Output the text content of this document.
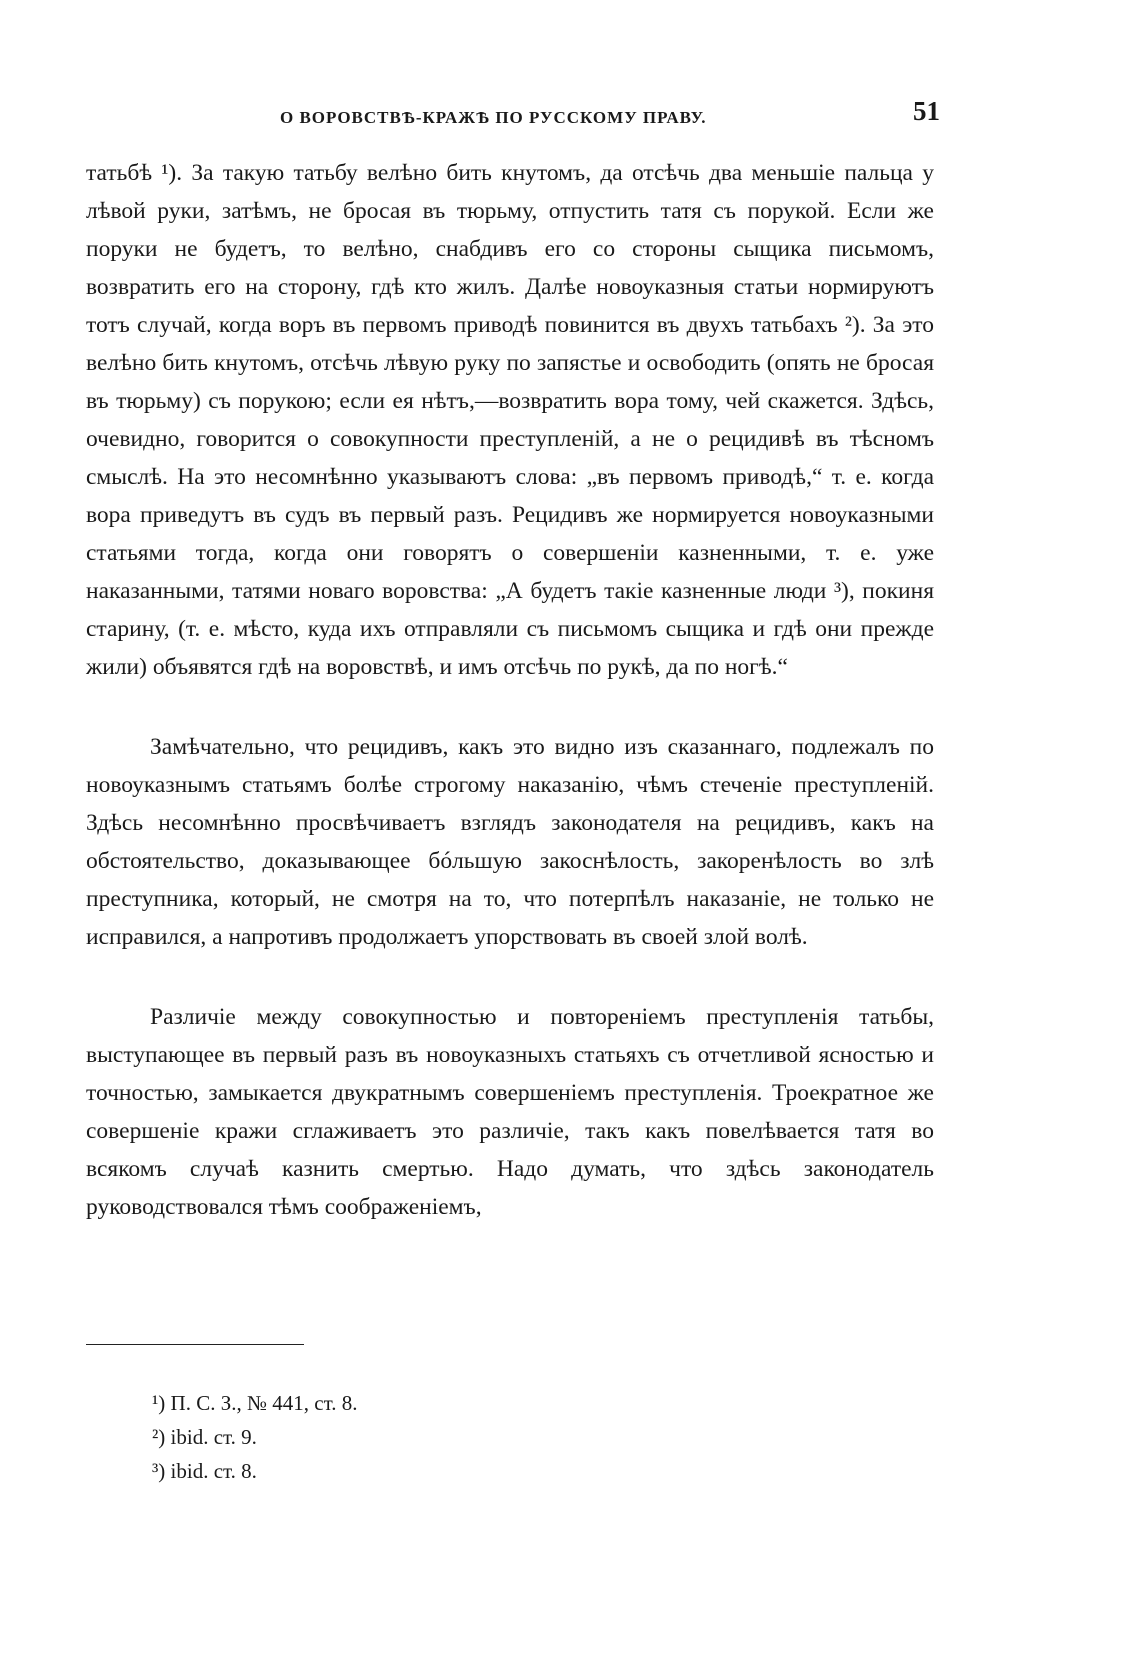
О ВОРОВСТВѢ-КРАЖѢ ПО РУССКОМУ ПРАВУ.	51

татьбѣ ¹). За такую татьбу велѣно бить кнутомъ, да отсѣчь два меньшіе пальца у лѣвой руки, затѣмъ, не бросая въ тюрьму, отпустить татя съ порукой. Если же поруки не будетъ, то велѣно, снабдивъ его со стороны сыщика письмомъ, возвратить его на сторону, гдѣ кто жилъ. Далѣе новоуказныя статьи нормируютъ тотъ случай, когда воръ въ первомъ приводѣ повинится въ двухъ татьбахъ ²). За это велѣно бить кнутомъ, отсѣчь лѣвую руку по запястье и освободить (опять не бросая въ тюрьму) съ порукою; если ея нѣтъ,—возвратить вора тому, чей скажется. Здѣсь, очевидно, говорится о совокупности преступленій, а не о рецидивѣ въ тѣсномъ смыслѣ. На это несомнѣнно указываютъ слова: „въ первомъ приводѣ,“ т. е. когда вора приведутъ въ судъ въ первый разъ. Рецидивъ же нормируется новоуказными статьями тогда, когда они говорятъ о совершеніи казненными, т. е. уже наказанными, татями новаго воровства: „А будетъ такіе казненные люди ³), покиня старину, (т. е. мѣсто, куда ихъ отправляли съ письмомъ сыщика и гдѣ они прежде жили) объявятся гдѣ на воровствѣ, и имъ отсѣчь по рукѣ, да по ногѣ.“

Замѣчательно, что рецидивъ, какъ это видно изъ сказаннаго, подлежалъ по новоуказнымъ статьямъ болѣе строгому наказанію, чѣмъ стеченіе преступленій. Здѣсь несомнѣнно просвѣчиваетъ взглядъ законодателя на рецидивъ, какъ на обстоятельство, доказывающее бóльшую закоснѣлость, закоренѣлость во злѣ преступника, который, не смотря на то, что потерпѣлъ наказаніе, не только не исправился, а напротивъ продолжаетъ упорствовать въ своей злой волѣ.

Различіе между совокупностью и повтореніемъ преступленія татьбы, выступающее въ первый разъ въ новоуказныхъ статьяхъ съ отчетливой ясностью и точностью, замыкается двукратнымъ совершеніемъ преступленія. Троекратное же совершеніе кражи сглаживаетъ это различіе, такъ какъ повелѣвается татя во всякомъ случаѣ казнить смертью. Надо думать, что здѣсь законодатель руководствовался тѣмъ соображеніемъ,

¹) П. С. З., № 441, ст. 8.
²) ibid. ст. 9.
³) ibid. ст. 8.
